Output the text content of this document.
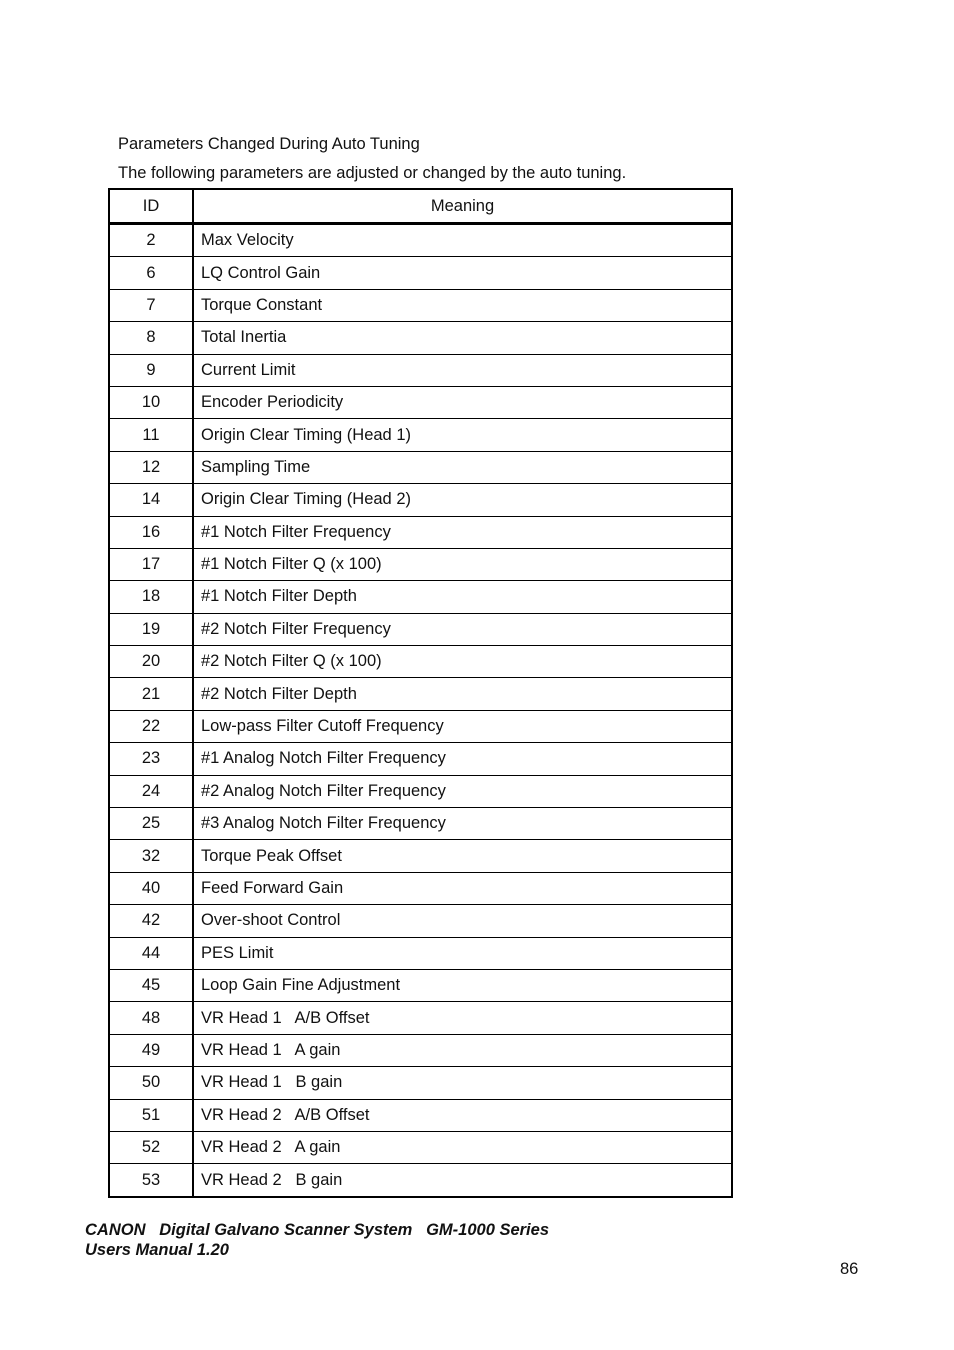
Parameters Changed During Auto Tuning
The following parameters are adjusted or changed by the auto tuning.
ID	Meaning
2	Max Velocity
6	LQ Control Gain
7	Torque Constant
8	Total Inertia
9	Current Limit
10	Encoder Periodicity
11	Origin Clear Timing (Head 1)
12	Sampling Time
14	Origin Clear Timing (Head 2)
16	#1 Notch Filter Frequency
17	#1 Notch Filter Q (x 100)
18	#1 Notch Filter Depth
19	#2 Notch Filter Frequency
20	#2 Notch Filter Q (x 100)
21	#2 Notch Filter Depth
22	Low-pass Filter Cutoff Frequency
23	#1 Analog Notch Filter Frequency
24	#2 Analog Notch Filter Frequency
25	#3 Analog Notch Filter Frequency
32	Torque Peak Offset
40	Feed Forward Gain
42	Over-shoot Control
44	PES Limit
45	Loop Gain Fine Adjustment
48	VR Head 1   A/B Offset
49	VR Head 1   A gain
50	VR Head 1   B gain
51	VR Head 2   A/B Offset
52	VR Head 2   A gain
53	VR Head 2   B gain
CANON   Digital Galvano Scanner System   GM-1000 Series
Users Manual 1.20
86
